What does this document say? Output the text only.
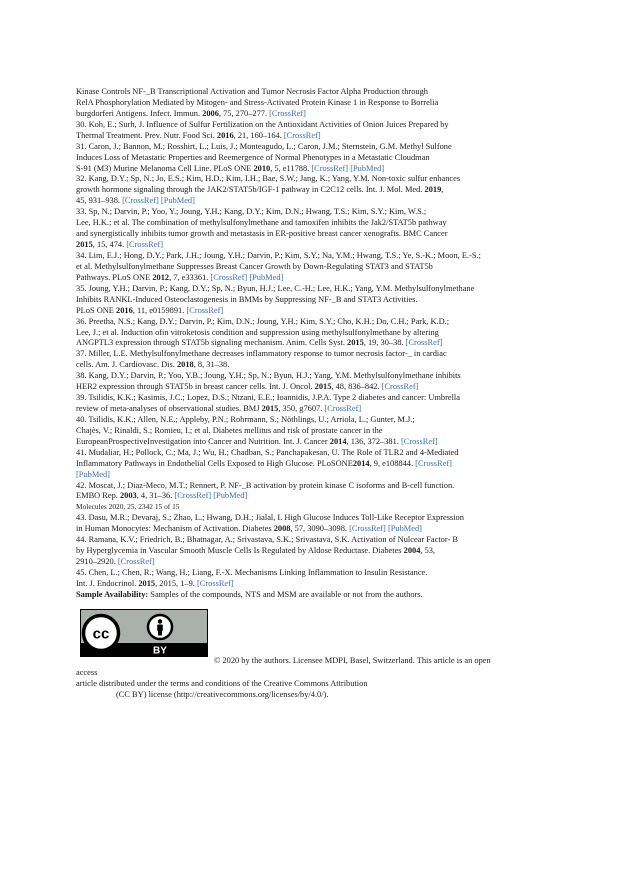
Kinase Controls NF-_B Transcriptional Activation and Tumor Necrosis Factor Alpha Production through
RelA Phosphorylation Mediated by Mitogen- and Stress-Activated Protein Kinase 1 in Response to Borrelia
burgdorferi Antigens. Infect. Immun. 2006, 75, 270–277. [CrossRef]
30. Koh, E.; Surh, J. Influence of Sulfur Fertilization on the Antioxidant Activities of Onion Juices Prepared by
Thermal Treatment. Prev. Nutr. Food Sci. 2016, 21, 160–164. [CrossRef]
31. Caron, J.; Bannon, M.; Rosshirt, L.; Luis, J.; Monteagudo, L.; Caron, J.M.; Sternstein, G.M. Methyl Sulfone
Induces Loss of Metastatic Properties and Reemergence of Normal Phenotypes in a Metastatic Cloudman
S-91 (M3) Murine Melanoma Cell Line. PLoS ONE 2010, 5, e11788. [CrossRef] [PubMed]
32. Kang, D.Y.; Sp, N.; Jo, E.S.; Kim, H.D.; Kim, I.H.; Bae, S.W.; Jang, K.; Yang, Y.M. Non-toxic sulfur enhances
growth hormone signaling through the JAK2/STAT5b/IGF-1 pathway in C2C12 cells. Int. J. Mol. Med. 2019,
45, 931–938. [CrossRef] [PubMed]
33. Sp, N.; Darvin, P.; Yoo, Y.; Joung, Y.H.; Kang, D.Y.; Kim, D.N.; Hwang, T.S.; Kim, S.Y.; Kim, W.S.;
Lee, H.K.; et al. The combination of methylsulfonylmethane and tamoxifen inhibits the Jak2/STAT5b pathway
and synergistically inhibits tumor growth and metastasis in ER-positive breast cancer xenografts. BMC Cancer
2015, 15, 474. [CrossRef]
34. Lim, E.J.; Hong, D.Y.; Park, J.H.; Joung, Y.H.; Darvin, P.; Kim, S.Y.; Na, Y.M.; Hwang, T.S.; Ye, S.-K.; Moon, E.-S.;
et al. Methylsulfonylmethane Suppresses Breast Cancer Growth by Down-Regulating STAT3 and STAT5b
Pathways. PLoS ONE 2012, 7, e33361. [CrossRef] [PubMed]
35. Joung, Y.H.; Darvin, P.; Kang, D.Y.; Sp, N.; Byun, H.J.; Lee, C.-H.; Lee, H.K.; Yang, Y.M. Methylsulfonylmethane
Inhibits RANKL-Induced Osteoclastogenesis in BMMs by Suppressing NF-_B and STAT3 Activities.
PLoS ONE 2016, 11, e0159891. [CrossRef]
36. Preetha, N.S.; Kang, D.Y.; Darvin, P.; Kim, D.N.; Joung, Y.H.; Kim, S.Y.; Cho, K.H.; Do, C.H.; Park, K.D.;
Lee, J.; et al. Induction ofin vitroketosis condition and suppression using methylsulfonylmethane by altering
ANGPTL3 expression through STAT5b signaling mechanism. Anim. Cells Syst. 2015, 19, 30–38. [CrossRef]
37. Miller, L.E. Methylsulfonylmethane decreases inflammatory response to tumor necrosis factor-_ in cardiac
cells. Am. J. Cardiovasc. Dis. 2018, 8, 31–38.
38. Kang, D.Y.; Darvin, P.; Yoo, Y.B.; Joung, Y.H.; Sp, N.; Byun, H.J.; Yang, Y.M. Methylsulfonylmethane inhibits
HER2 expression through STAT5b in breast cancer cells. Int. J. Oncol. 2015, 48, 836–842. [CrossRef]
39. Tsilidis, K.K.; Kasimis, J.C.; Lopez, D.S.; Ntzani, E.E.; Ioannidis, J.P.A. Type 2 diabetes and cancer: Umbrella
review of meta-analyses of observational studies. BMJ 2015, 350, g7607. [CrossRef]
40. Tsilidis, K.K.; Allen, N.E.; Appleby, P.N.; Rohrmann, S.; Nöthlings, U.; Arriola, L.; Gunter, M.J.;
Chajès, V.; Rinaldi, S.; Romieu, I.; et al. Diabetes mellitus and risk of prostate cancer in the
EuropeanProspectiveInvestigation into Cancer and Nutrition. Int. J. Cancer 2014, 136, 372–381. [CrossRef]
41. Mudaliar, H.; Pollock, C.; Ma, J.; Wu, H.; Chadban, S.; Panchapakesan, U. The Role of TLR2 and 4-Mediated
Inflammatory Pathways in Endothelial Cells Exposed to High Glucose. PLoSONE2014, 9, e108844. [CrossRef]
[PubMed]
42. Moscat, J.; Diaz-Meco, M.T.; Rennert, P. NF-_B activation by protein kinase C isoforms and B-cell function.
EMBO Rep. 2003, 4, 31–36. [CrossRef] [PubMed]
Molecules 2020, 25, 2342 15 of 15
43. Dasu, M.R.; Devaraj, S.; Zhao, L.; Hwang, D.H.; Jialal, I. High Glucose Induces Toll-Like Receptor Expression
in Human Monocytes: Mechanism of Activation. Diabetes 2008, 57, 3090–3098. [CrossRef] [PubMed]
44. Ramana, K.V.; Friedrich, B.; Bhatnagar, A.; Srivastava, S.K.; Srivastava, S.K. Activation of Nulcear Factor- B
by Hyperglycemia in Vascular Smooth Muscle Cells Is Regulated by Aldose Reductase. Diabetes 2004, 53,
2910–2920. [CrossRef]
45. Chen, L.; Chen, R.; Wang, H.; Liang, F.-X. Mechanisms Linking Inflammation to Insulin Resistance.
Int. J. Endocrinol. 2015, 2015, 1–9. [CrossRef]
Sample Availability: Samples of the compounds, NTS and MSM are available or not from the authors.
cc
BY
© 2020 by the authors. Licensee MDPI, Basel, Switzerland. This article is an open
access
article distributed under the terms and conditions of the Creative Commons Attribution
(CC BY) license (http://creativecommons.org/licenses/by/4.0/).
